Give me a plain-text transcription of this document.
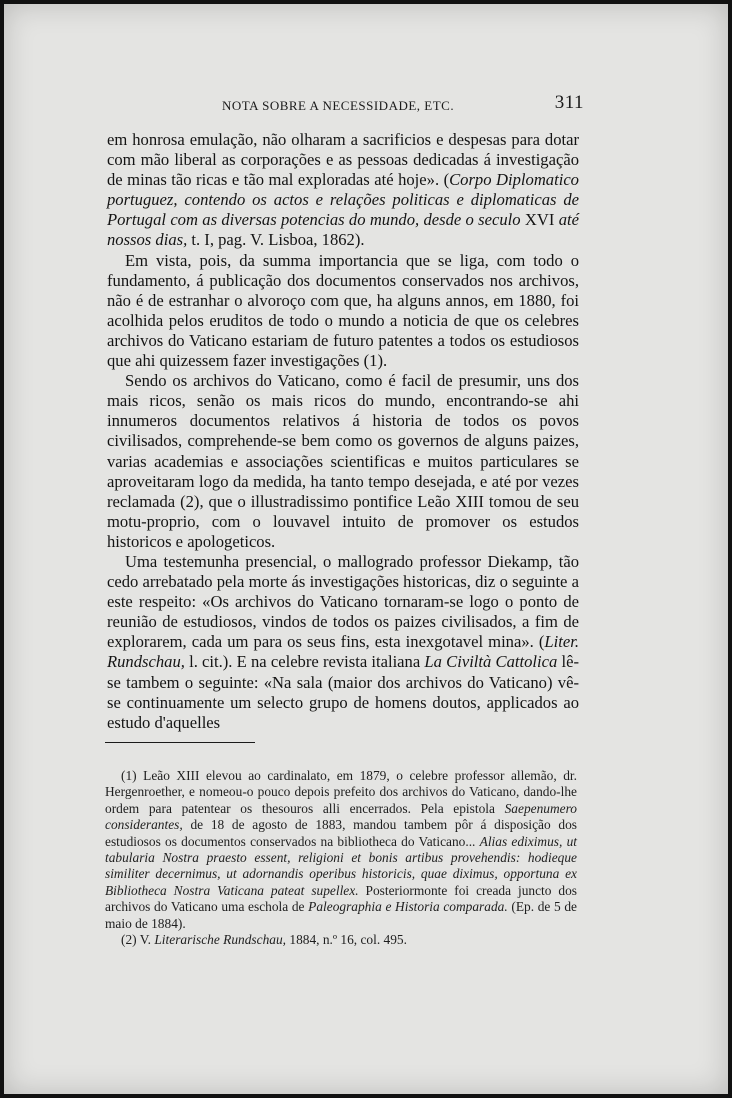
NOTA SOBRE A NECESSIDADE, ETC.	311

em honrosa emulação, não olharam a sacrificios e despesas para dotar com mão liberal as corporações e as pessoas dedicadas á investigação de minas tão ricas e tão mal exploradas até hoje». (Corpo Diplomatico portuguez, contendo os actos e relações politicas e diplomaticas de Portugal com as diversas potencias do mundo, desde o seculo XVI até nossos dias, t. I, pag. V. Lisboa, 1862).

Em vista, pois, da summa importancia que se liga, com todo o fundamento, á publicação dos documentos conservados nos archivos, não é de estranhar o alvoroço com que, ha alguns annos, em 1880, foi acolhida pelos eruditos de todo o mundo a noticia de que os celebres archivos do Vaticano estariam de futuro patentes a todos os estudiosos que ahi quizessem fazer investigações (1).

Sendo os archivos do Vaticano, como é facil de presumir, uns dos mais ricos, senão os mais ricos do mundo, encontrando-se ahi innumeros documentos relativos á historia de todos os povos civilisados, comprehende-se bem como os governos de alguns paizes, varias academias e associações scientificas e muitos particulares se aproveitaram logo da medida, ha tanto tempo desejada, e até por vezes reclamada (2), que o illustradissimo pontifice Leão XIII tomou de seu motu-proprio, com o louvavel intuito de promover os estudos historicos e apologeticos.

Uma testemunha presencial, o mallogrado professor Diekamp, tão cedo arrebatado pela morte ás investigações historicas, diz o seguinte a este respeito: «Os archivos do Vaticano tornaram-se logo o ponto de reunião de estudiosos, vindos de todos os paizes civilisados, a fim de explorarem, cada um para os seus fins, esta inexgotavel mina». (Liter. Rundschau, l. cit.). E na celebre revista italiana La Civiltà Cattolica lê-se tambem o seguinte: «Na sala (maior dos archivos do Vaticano) vê-se continuamente um selecto grupo de homens doutos, applicados ao estudo d'aquelles

(1) Leão XIII elevou ao cardinalato, em 1879, o celebre professor allemão, dr. Hergenroether, e nomeou-o pouco depois prefeito dos archivos do Vaticano, dando-lhe ordem para patentear os thesouros alli encerrados. Pela epistola Saepenumero considerantes, de 18 de agosto de 1883, mandou tambem pôr á disposição dos estudiosos os documentos conservados na bibliotheca do Vaticano... Alias ediximus, ut tabularia Nostra praesto essent, religioni et bonis artibus provehendis: hodieque similiter decernimus, ut adornandis operibus historicis, quae diximus, opportuna ex Bibliotheca Nostra Vaticana pateat supellex. Posteriormonte foi creada juncto dos archivos do Vaticano uma eschola de Paleographia e Historia comparada. (Ep. de 5 de maio de 1884).

(2) V. Literarische Rundschau, 1884, n.º 16, col. 495.
